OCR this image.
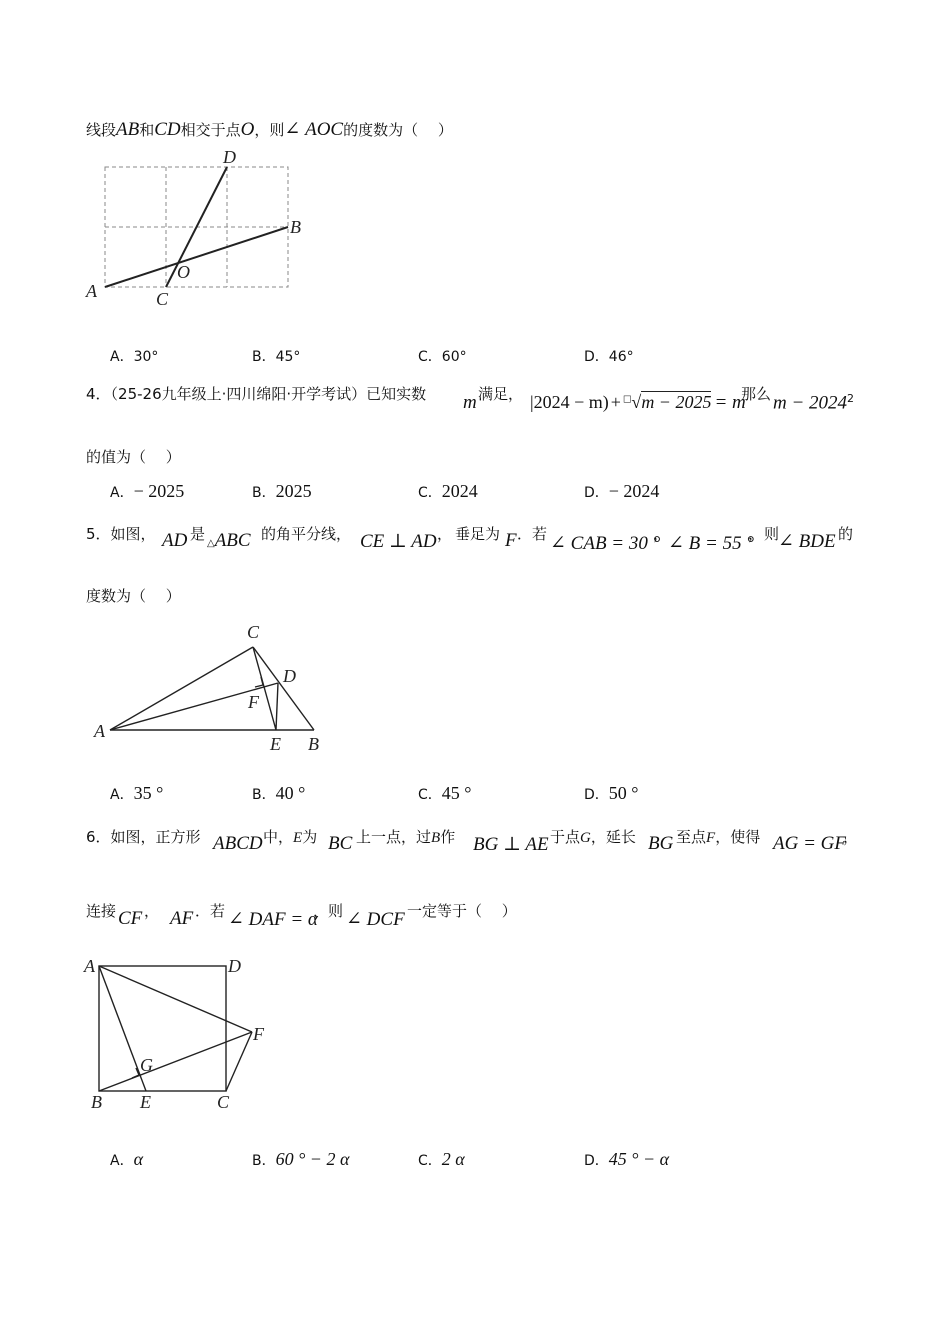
线段AB和CD相交于点O，则∠ AOC的度数为（　 ）
D
B
A	C
O
A．30°	B．45°	C．60°	D．46°
4．（25-26九年级上·四川绵阳·开学考试）已知实数 m 满足， |2024 − m) + □√m − 2025 = m
那么 $m - 2024^2$
的值为（　 ）
A．− 2025	B．2025	C．2024	D．− 2024
5．如图， AD 是
△ABC 的角平分线， CE ⊥ AD ， 垂足为 F ．若 ∠ CAB = 30 °
， ∠ B = 55 °
， 则
∠ BDE 的
度数为（　 ）
C
D
F
A
E B
A．35 °	B．40 °	C．45 °	D．50 °
6．如图，正方形 ABCD 中，E为 BC 上一点，过B作 BG ⊥ AE 于点G，延长 BG 至点F，使得 AG = GF
，
连接 CF ， AF ．若 ∠ DAF = α
，则 ∠ DCF 一定等于（　 ）
A	D
F
G
B E	C
A．α	B．60 ° − 2 α	C．2 α	D．45 ° − α
